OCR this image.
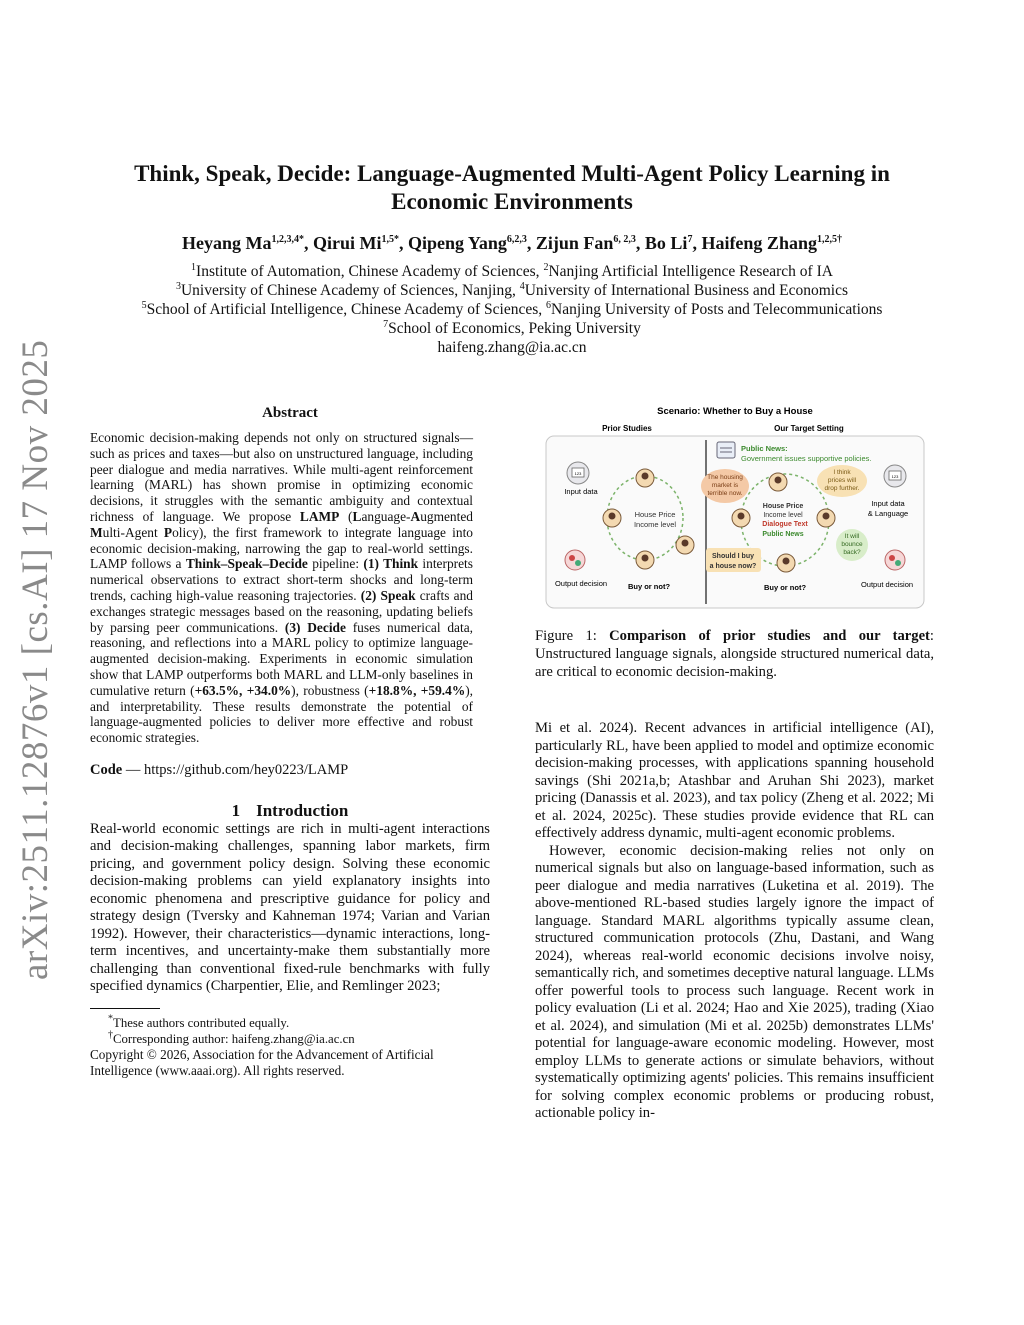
arXiv:2511.12876v1 [cs.AI] 17 Nov 2025
Think, Speak, Decide: Language-Augmented Multi-Agent Policy Learning in
Economic Environments
Heyang $Ma^{1,2,3,4*}$, Qirui $Mi^{1,5*}$, Qipeng Yang$^{6,2,3}$, Zijun Fan$^{6, 2,3}$, Bo Li$^7$, Haifeng Zhang$^{1,2,5\dagger}$
$^1$Institute of Automation, Chinese Academy of Sciences, $^2$Nanjing Artificial Intelligence Research of IA
$^3$University of Chinese Academy of Sciences, Nanjing, $^4$University of International Business and Economics
$^5$School of Artificial Intelligence, Chinese Academy of Sciences, $^6$Nanjing University of Posts and Telecommunications
$^7$School of Economics, Peking University
haifeng.zhang@ia.ac.cn
Abstract

Economic decision-making depends not only on structured signals—such as prices and taxes—but also on unstructured language, including peer dialogue and media narratives. While multi-agent reinforcement learning (MARL) has shown promise in optimizing economic decisions, it struggles with the semantic ambiguity and contextual richness of language. We propose LAMP (Language-Augmented Multi-Agent Policy), the first framework to integrate language into economic decision-making, narrowing the gap to real-world settings. LAMP follows a Think–Speak–Decide pipeline: (1) Think interprets numerical observations to extract short-term shocks and long-term trends, caching high-value reasoning trajectories. (2) Speak crafts and exchanges strategic messages based on the reasoning, updating beliefs by parsing peer communications. (3) Decide fuses numerical data, reasoning, and reflections into a MARL policy to optimize language-augmented decision-making. Experiments in economic simulation show that LAMP outperforms both MARL and LLM-only baselines in cumulative return (+63.5%, +34.0%), robustness (+18.8%, +59.4%), and interpretability. These results demonstrate the potential of language-augmented policies to deliver more effective and robust economic strategies.

Code — https://github.com/hey0223/LAMP
1 Introduction

Real-world economic settings are rich in multi-agent interactions and decision-making challenges, spanning labor markets, firm pricing, and government policy design. Solving these economic decision-making problems can yield explanatory insights into economic phenomena and prescriptive guidance for policy and strategy design (Tversky and Kahneman 1974; Varian and Varian 1992). However, their characteristics—dynamic interactions, long-term incentives, and uncertainty-make them substantially more challenging than conventional fixed-rule benchmarks with fully specified dynamics (Charpentier, Elie, and Remlinger 2023;

*These authors contributed equally.
†Corresponding author: haifeng.zhang@ia.ac.cn
Copyright © 2026, Association for the Advancement of Artificial Intelligence (www.aaai.org). All rights reserved.
Scenario: Whether to Buy a House
Prior Studies	Our Target Setting
123
Input data
House Price
Income level
Output decision	Buy or not?
Public News:
Government issues supportive policies.
The housing
market is
terrible now.
I think
prices will
drop further.
It will
bounce
back?
House Price
Income level
Dialogue Text
Public News
Should I buy
a house now?
123
Input data
& Language
Output decision
Buy or not?
Figure 1: Comparison of prior studies and our target: Unstructured language signals, alongside structured numerical data, are critical to economic decision-making.

Mi et al. 2024). Recent advances in artificial intelligence (AI), particularly RL, have been applied to model and optimize economic decision-making processes, with applications spanning household savings (Shi 2021a,b; Atashbar and Aruhan Shi 2023), market pricing (Danassis et al. 2023), and tax policy (Zheng et al. 2022; Mi et al. 2024, 2025c). These studies provide evidence that RL can effectively address dynamic, multi-agent economic problems.

However, economic decision-making relies not only on numerical signals but also on language-based information, such as peer dialogue and media narratives (Luketina et al. 2019). The above-mentioned RL-based studies largely ignore the impact of language. Standard MARL algorithms typically assume clean, structured communication protocols (Zhu, Dastani, and Wang 2024), whereas real-world economic decisions involve noisy, semantically rich, and sometimes deceptive natural language. LLMs offer powerful tools to process such language. Recent work in policy evaluation (Li et al. 2024; Hao and Xie 2025), trading (Xiao et al. 2024), and simulation (Mi et al. 2025b) demonstrates LLMs' potential for language-aware economic modeling. However, most employ LLMs to generate actions or simulate behaviors, without systematically optimizing agents' policies. This remains insufficient for solving complex economic problems or producing robust, actionable policy in-
